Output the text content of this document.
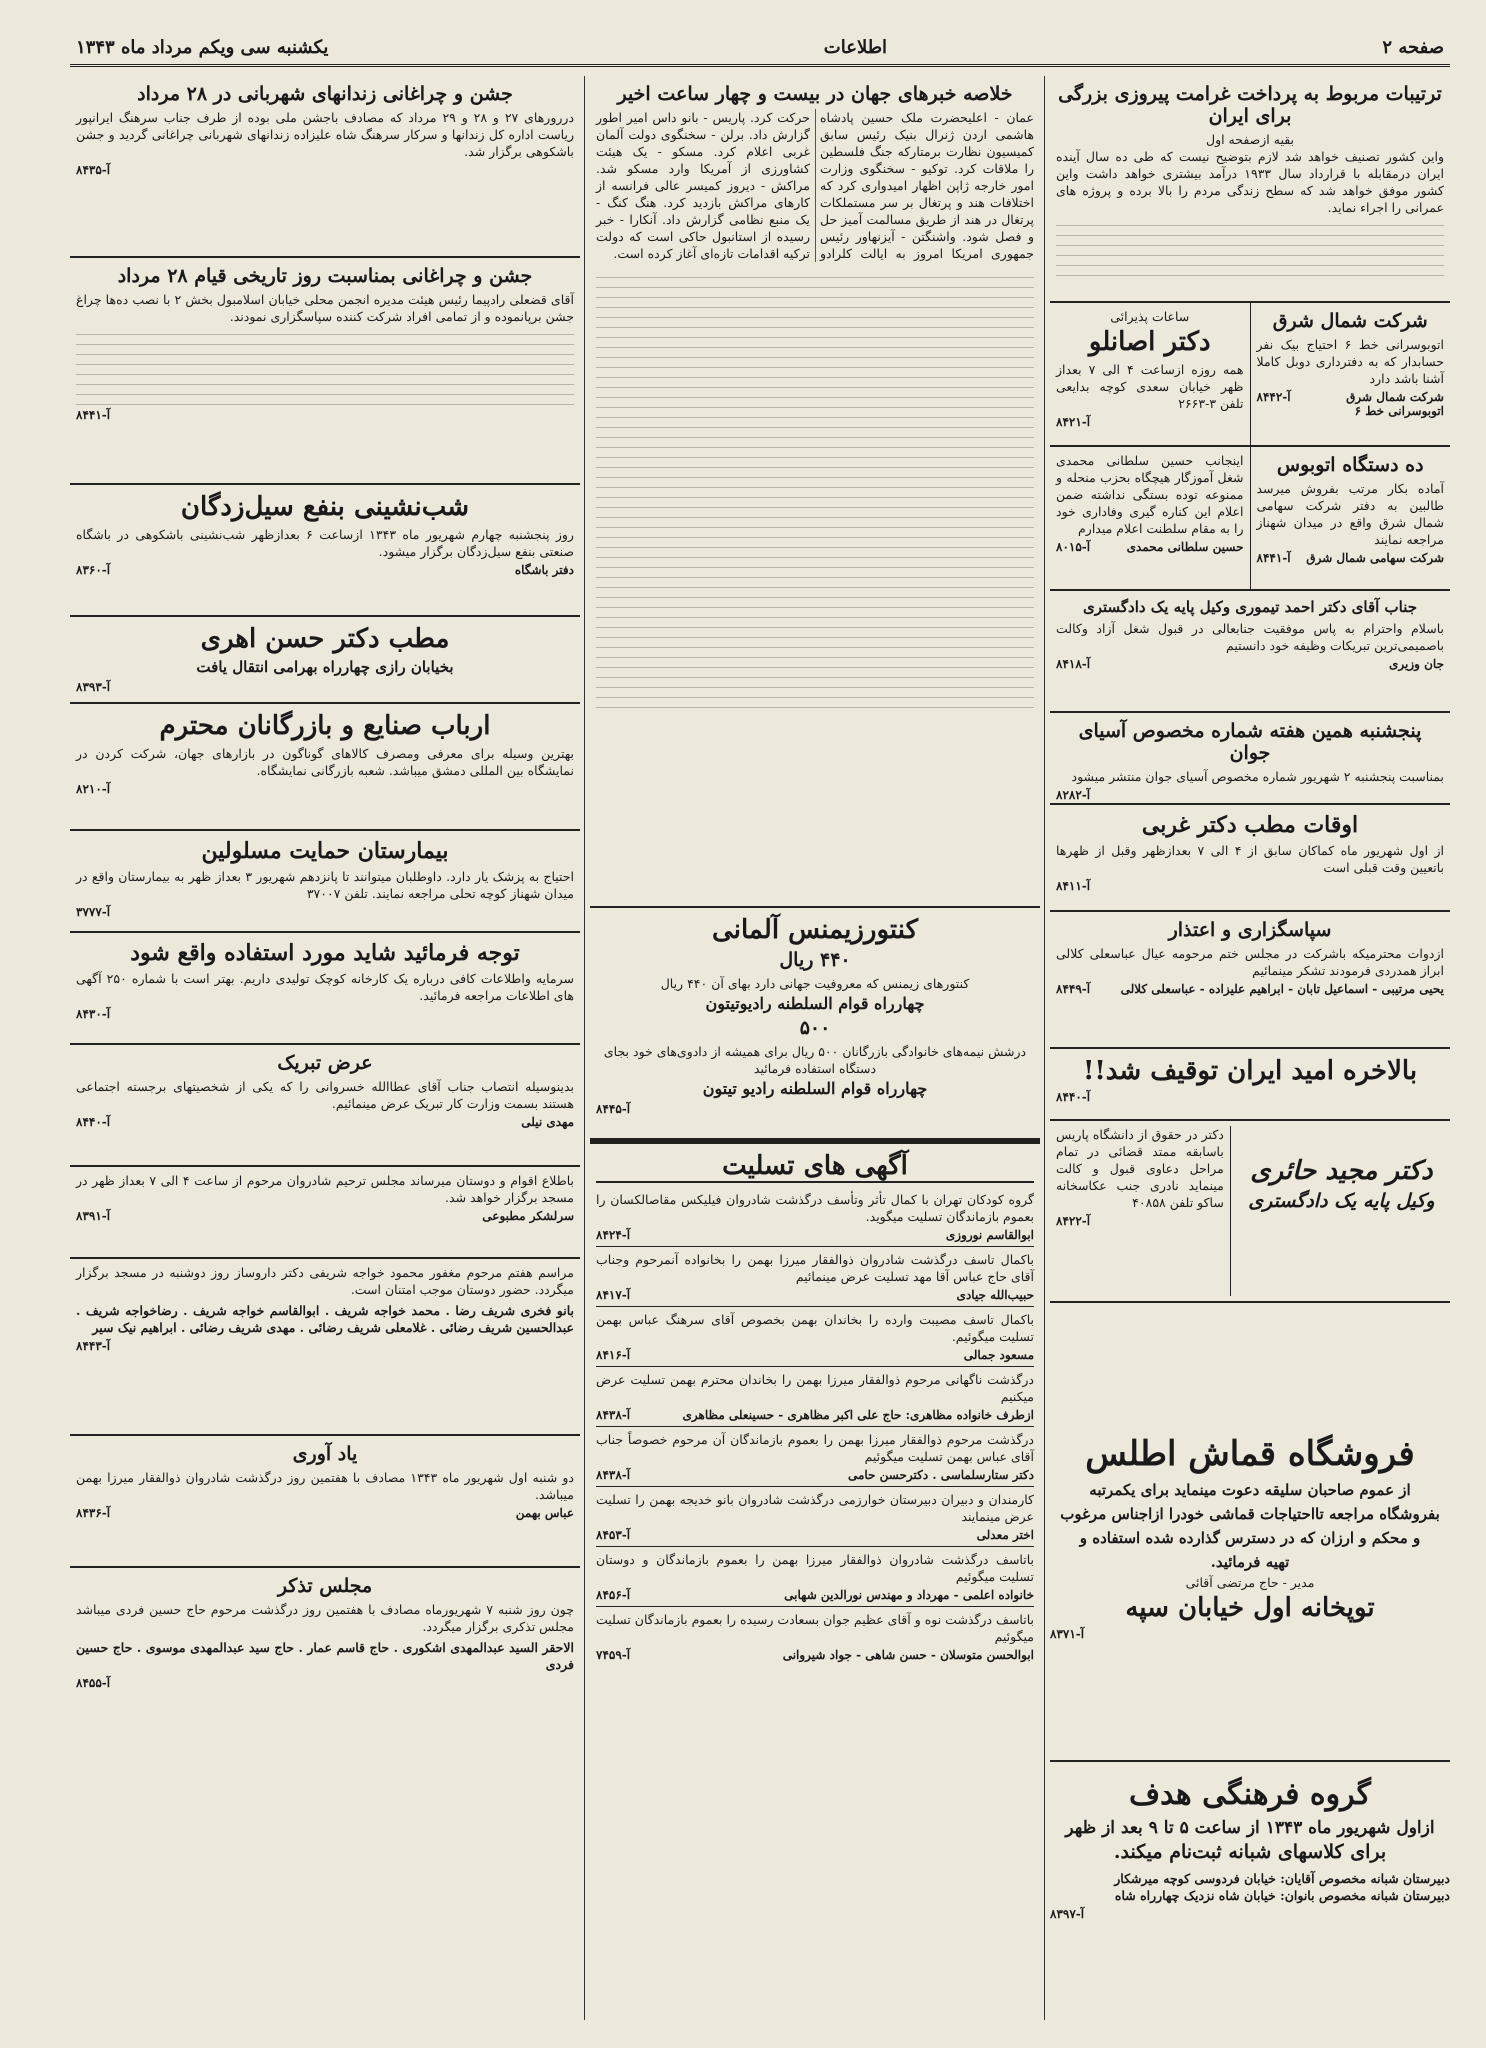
صفحه ۲
اطلاعات
یکشنبه سی ویکم مرداد ماه ۱۳۴۳
ترتیبات مربوط به پرداخت غرامت پیروزی بزرگی برای ایران
بقیه ازصفحه اول
واین کشور تصنیف خواهد شد لازم بتوضیح نیست که طی ده سال آینده ایران درمقابله با قرارداد سال ۱۹۳۳ درآمد بیشتری خواهد داشت واین کشور موفق خواهد شد که سطح زندگی مردم را بالا برده و پروژه های عمرانی را اجراء نماید.
شرکت شمال شرق
اتوبوسرانی خط ۶ احتیاج بیک نفر حسابدار که به دفترداری دوبل کاملا آشنا باشد دارد
شرکت شمال شرق اتوبوسرانی خط ۶
آ-۸۴۴۲
ده دستگاه اتوبوس
آماده بکار مرتب بفروش میرسد طالبین به دفتر شرکت سهامی شمال شرق واقع در میدان شهناز مراجعه نمایند
شرکت سهامی شمال شرق
آ-۸۴۴۱
ساعات پذیرائی
دکتر اصانلو
همه روزه ازساعت ۴ الی ۷ بعداز ظهر خیابان سعدی کوچه بدایعی تلفن ۳-۲۶۶۳
آ-۸۴۲۱
اینجانب حسین سلطانی محمدی شغل آموزگار هیچگاه بحزب منحله و ممنوعه توده بستگی نداشته ضمن اعلام این کناره گیری وفاداری خود را به مقام سلطنت اعلام میدارم
حسین سلطانی محمدی
آ-۸۰۱۵
جناب آقای دکتر احمد تیموری وکیل پایه یک دادگستری
باسلام واحترام به پاس موفقیت جنابعالی در قبول شغل آزاد وکالت باصمیمی‌ترین تبریکات وظیفه خود دانستیم
جان وزیری
آ-۸۴۱۸
پنجشنبه همین هفته شماره مخصوص آسیای جوان
بمناسبت پنجشنبه ۲ شهریور شماره مخصوص آسیای جوان منتشر میشود
آ-۸۲۸۲
اوقات مطب دکتر غربی
از اول شهریور ماه کماکان سابق از ۴ الی ۷ بعدازظهر وقبل از ظهرها باتعیین وقت قبلی است
آ-۸۴۱۱
سپاسگزاری و اعتذار
ازدوات محترمیکه باشرکت در مجلس ختم مرحومه عیال عباسعلی کلالی ابراز همدردی فرمودند تشکر مینمائیم
یحیی مرتیبی - اسماعیل تابان - ابراهیم علیزاده - عباسعلی کلالی
آ-۸۴۴۹
بالاخره امید ایران توقیف شد!!
آ-۸۴۴۰
دکتر مجید حائری
وکیل پایه یک دادگستری
دکتر در حقوق از دانشگاه پاریس باسابقه ممتد قضائی در تمام مراحل دعاوی قبول و کالت مینماید نادری جنب عکاسخانه ساکو تلفن ۴۰۸۵۸
آ-۸۴۲۲
خلاصه خبرهای جهان در بیست و چهار ساعت اخیر
عمان - اعلیحضرت ملک حسین پادشاه هاشمی اردن ژنرال بنیک رئیس سابق کمیسیون نظارت برمتارکه جنگ فلسطین را ملاقات کرد. توکیو - سخنگوی وزارت امور خارجه ژاپن اظهار امیدواری کرد که اختلافات هند و پرتغال بر سر مستملکات پرتغال در هند از طریق مسالمت آمیز حل و فصل شود. واشنگتن - آیزنهاور رئیس جمهوری امریکا امروز به ایالت کلرادو حرکت کرد. پاریس - بانو داس امیر اطور گزارش داد. برلن - سخنگوی دولت آلمان غربی اعلام کرد. مسکو - یک هیئت کشاورزی از آمریکا وارد مسکو شد. مراکش - دیروز کمیسر عالی فرانسه از کارهای مراکش بازدید کرد. هنگ کنگ - یک منبع نظامی گزارش داد. آنکارا - خبر رسیده از استانبول حاکی است که دولت ترکیه اقدامات تازه‌ای آغاز کرده است.
کنتورزیمنس آلمانی
۴۴۰ ریال
کنتورهای زیمنس که معروفیت جهانی دارد بهای آن ۴۴۰ ریال
چهارراه قوام السلطنه رادیوتیتون
۵۰۰
درشش نیمه‌های خانوادگی بازرگانان ۵۰۰ ریال برای همیشه از دادوی‌های خود بجای دستگاه استفاده فرمائید
چهارراه قوام السلطنه رادیو تیتون
آ-۸۴۴۵
آگهی های تسلیت
گروه کودکان تهران با کمال تأثر وتأسف درگذشت شادروان فیلیکس مقاصالکسان را بعموم بازماندگان تسلیت میگوید.
ابوالقاسم نوروزی
آ-۸۴۲۴
باکمال تاسف درگذشت شادروان ذوالفقار میرزا بهمن را بخانواده آنمرحوم وجناب آقای حاج عباس آقا مهد تسلیت عرض مینمائیم
حبیب‌الله جیادی
آ-۸۴۱۷
باکمال تاسف مصیبت وارده را بخاندان بهمن بخصوص آقای سرهنگ عباس بهمن تسلیت میگوئیم.
مسعود جمالی
آ-۸۴۱۶
درگذشت ناگهانی مرحوم ذوالفقار میرزا بهمن را بخاندان محترم بهمن تسلیت عرض میکنیم
ازطرف خانواده مظاهری: حاج علی اکبر مظاهری - حسینعلی مظاهری
آ-۸۴۳۸
درگذشت مرحوم ذوالفقار میرزا بهمن را بعموم بازماندگان آن مرحوم خصوصاً جناب آقای عباس بهمن تسلیت میگوئیم
دکتر ستارسلماسی . دکترحسن حامی
آ-۸۴۳۸
کارمندان و دبیران دبیرستان خوارزمی درگذشت شادروان بانو خدیجه بهمن را تسلیت عرض مینمایند
اختر معدلی
آ-۸۴۵۳
باتاسف درگذشت شادروان ذوالفقار میرزا بهمن را بعموم بازماندگان و دوستان تسلیت میگوئیم
خانواده اعلمی - مهرداد و مهندس نورالدین شهابی
آ-۸۴۵۶
باتاسف درگذشت نوه و آقای عظیم جوان بسعادت رسیده را بعموم بازماندگان تسلیت میگوئیم
ابوالحسن متوسلان - حسن شاهی - جواد شیروانی
آ-۷۴۵۹
جشن و چراغانی زندانهای شهربانی در ۲۸ مرداد
دررورهای ۲۷ و ۲۸ و ۲۹ مرداد که مصادف باجشن ملی بوده از طرف جناب سرهنگ ایرانپور ریاست اداره کل زندانها و سرکار سرهنگ شاه علیزاده زندانهای شهربانی چراغانی گردید و جشن باشکوهی برگزار شد.
آ-۸۴۳۵
جشن و چراغانی بمناسبت روز تاریخی قیام ۲۸ مرداد
آقای قضعلی رادپیما رئیس هیئت مدیره انجمن محلی خیابان اسلامبول بخش ۲ با نصب ده‌ها چراغ جشن برپانموده و از تمامی افراد شرکت کننده سپاسگزاری نمودند.
آ-۸۴۴۱
شب‌نشینی بنفع سیل‌زدگان
روز پنجشنبه چهارم شهریور ماه ۱۳۴۳ ازساعت ۶ بعدازظهر شب‌نشینی باشکوهی در باشگاه صنعتی بنفع سیل‌زدگان برگزار میشود.
دفتر باشگاه
آ-۸۳۶۰
مطب دکتر حسن اهری
بخیابان رازی چهارراه بهرامی انتقال یافت
آ-۸۳۹۳
ارباب صنایع و بازرگانان محترم
بهترین وسیله برای معرفی ومصرف کالاهای گوناگون در بازارهای جهان، شرکت کردن در نمایشگاه بین المللی دمشق میباشد. شعبه بازرگانی نمایشگاه.
آ-۸۲۱۰
بیمارستان حمایت مسلولین
احتیاج به پزشک یار دارد. داوطلبان میتوانند تا پانزدهم شهریور ۳ بعداز ظهر به بیمارستان واقع در میدان شهناز کوچه تحلی مراجعه نمایند. تلفن ۳۷۰۰۷
آ-۳۷۷۷
توجه فرمائید شاید مورد استفاده واقع شود
سرمایه واطلاعات کافی درباره یک کارخانه کوچک تولیدی داریم. بهتر است با شماره ۲۵۰ آگهی های اطلاعات مراجعه فرمائید.
آ-۸۴۳۰
عرض تبریک
بدینوسیله انتصاب جناب آقای عطاالله خسروانی را که یکی از شخصیتهای برجسته اجتماعی هستند بسمت وزارت کار تبریک عرض مینمائیم.
مهدی نیلی
آ-۸۴۴۰
باطلاع اقوام و دوستان میرساند مجلس ترحیم شادروان مرحوم از ساعت ۴ الی ۷ بعداز ظهر در مسجد برگزار خواهد شد.
سرلشکر مطبوعی
آ-۸۳۹۱
مراسم هفتم مرحوم مغفور محمود خواجه شریفی دکتر داروساز روز دوشنبه در مسجد برگزار میگردد. حضور دوستان موجب امتنان است.
بانو فخری شریف رضا . محمد خواجه شریف . ابوالقاسم خواجه شریف . رضاخواجه شریف . عبدالحسین شریف رضائی . غلامعلی شریف رضائی . مهدی شریف رضائی . ابراهیم نیک سیر
آ-۸۴۴۳
یاد آوری
دو شنبه اول شهریور ماه ۱۳۴۳ مصادف با هفتمین روز درگذشت شادروان ذوالفقار میرزا بهمن میباشد.
عباس بهمن
آ-۸۴۳۶
مجلس تذکر
چون روز شنبه ۷ شهریورماه مصادف با هفتمین روز درگذشت مرحوم حاج حسین فردی میباشد مجلس تذکری برگزار میگردد.
الاحقر السید عبدالمهدی اشکوری . حاج قاسم عمار . حاج سید عبدالمهدی موسوی . حاج حسین فردی
آ-۸۴۵۵
فروشگاه قماش اطلس
از عموم صاحبان سلیقه دعوت مینماید برای یکمرتبه
بفروشگاه مراجعه تااحتیاجات قماشی خودرا ازاجناس مرغوب
و محکم و ارزان که در دسترس گذارده شده استفاده و
تهیه فرمائید.
مدیر - حاج مرتضی آقائی
توپخانه اول خیابان سپه
آ-۸۳۷۱
گروه فرهنگی هدف
ازاول شهریور ماه ۱۳۴۳ از ساعت ۵ تا ۹ بعد از ظهر
برای کلاسهای شبانه ثبت‌نام میکند.
دبیرستان شبانه مخصوص آقایان: خیابان فردوسی کوچه میرشکار
دبیرستان شبانه مخصوص بانوان: خیابان شاه نزدیک چهارراه شاه
آ-۸۳۹۷
